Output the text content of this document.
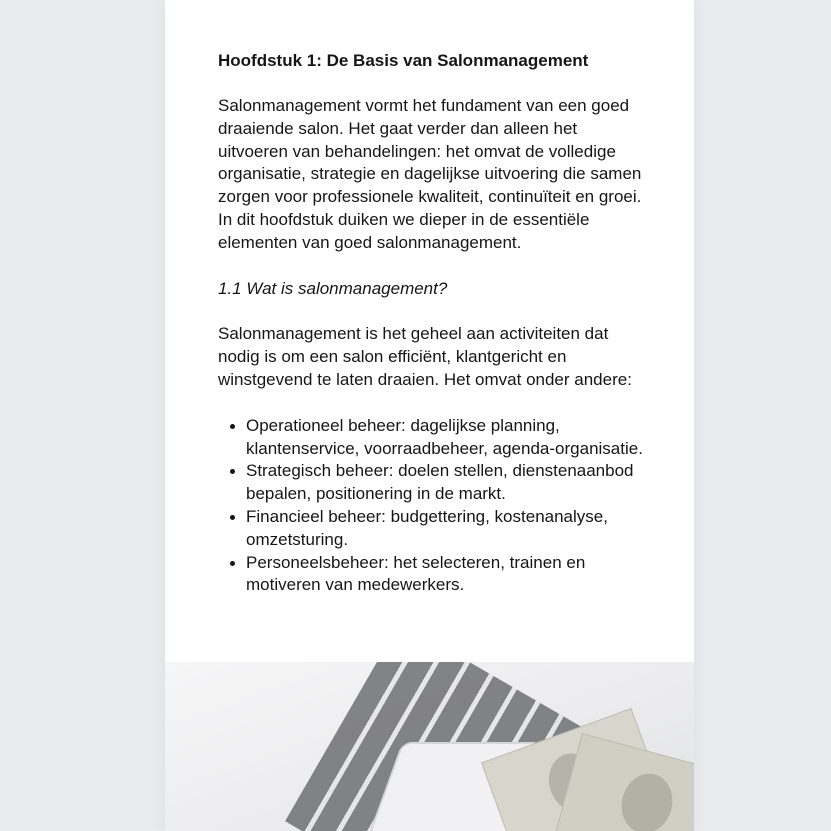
Hoofdstuk 1: De Basis van Salonmanagement

Salonmanagement vormt het fundament van een goed draaiende salon. Het gaat verder dan alleen het uitvoeren van behandelingen: het omvat de volledige organisatie, strategie en dagelijkse uitvoering die samen zorgen voor professionele kwaliteit, continuïteit en groei. In dit hoofdstuk duiken we dieper in de essentiële elementen van goed salonmanagement.

1.1 Wat is salonmanagement?

Salonmanagement is het geheel aan activiteiten dat nodig is om een salon efficiënt, klantgericht en winstgevend te laten draaien. Het omvat onder andere:

Operationeel beheer: dagelijkse planning, klantenservice, voorraadbeheer, agenda-organisatie.
Strategisch beheer: doelen stellen, dienstenaanbod bepalen, positionering in de markt.
Financieel beheer: budgettering, kostenanalyse, omzetsturing.
Personeelsbeheer: het selecteren, trainen en motiveren van medewerkers.
